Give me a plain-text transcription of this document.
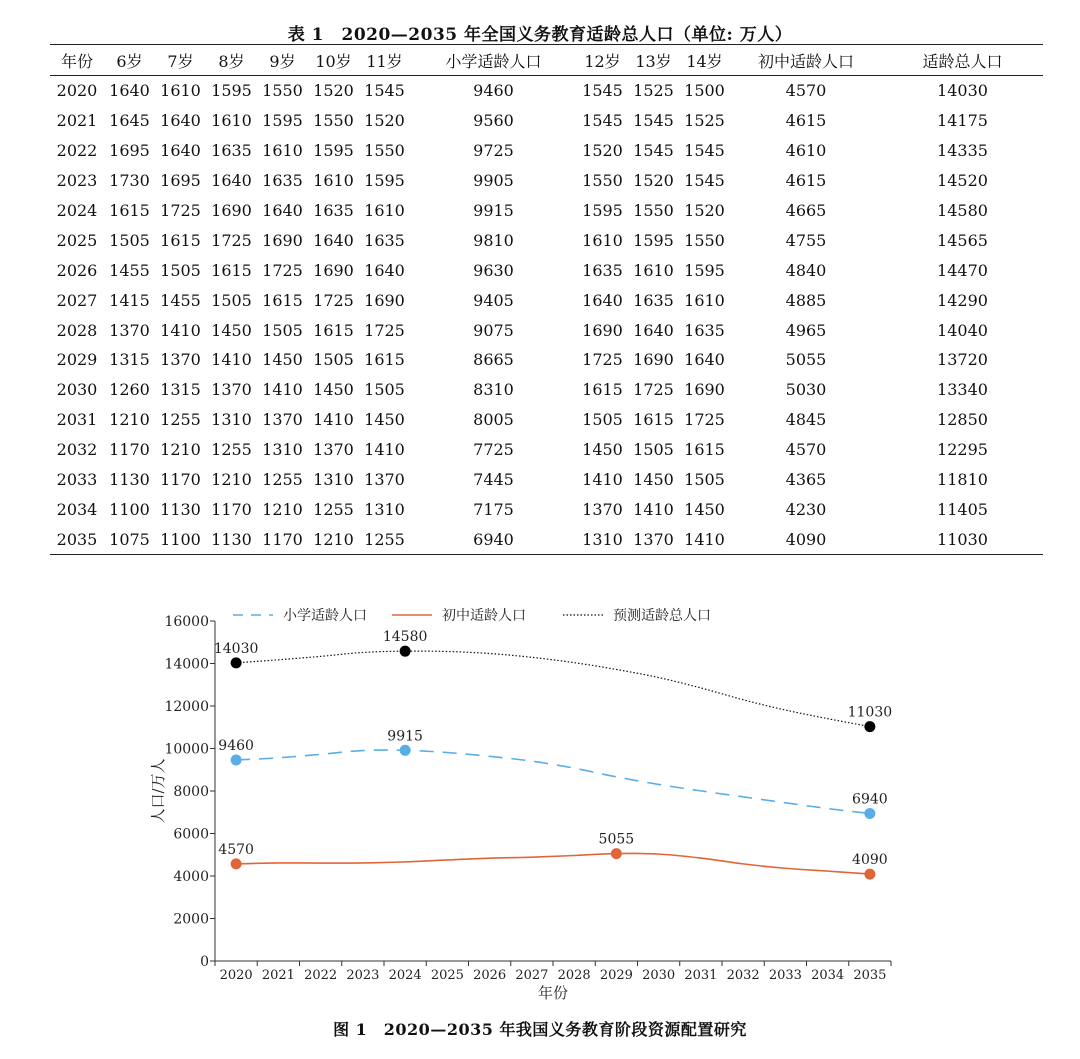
表 1　2020—2035 年全国义务教育适龄总人口（单位: 万人）
年份	6岁	7岁	8岁	9岁	10岁	11岁	小学适龄人口	12岁	13岁	14岁	初中适龄人口	适龄总人口
2020	1640	1610	1595	1550	1520	1545	9460	1545	1525	1500	4570	14030
2021	1645	1640	1610	1595	1550	1520	9560	1545	1545	1525	4615	14175
2022	1695	1640	1635	1610	1595	1550	9725	1520	1545	1545	4610	14335
2023	1730	1695	1640	1635	1610	1595	9905	1550	1520	1545	4615	14520
2024	1615	1725	1690	1640	1635	1610	9915	1595	1550	1520	4665	14580
2025	1505	1615	1725	1690	1640	1635	9810	1610	1595	1550	4755	14565
2026	1455	1505	1615	1725	1690	1640	9630	1635	1610	1595	4840	14470
2027	1415	1455	1505	1615	1725	1690	9405	1640	1635	1610	4885	14290
2028	1370	1410	1450	1505	1615	1725	9075	1690	1640	1635	4965	14040
2029	1315	1370	1410	1450	1505	1615	8665	1725	1690	1640	5055	13720
2030	1260	1315	1370	1410	1450	1505	8310	1615	1725	1690	5030	13340
2031	1210	1255	1310	1370	1410	1450	8005	1505	1615	1725	4845	12850
2032	1170	1210	1255	1310	1370	1410	7725	1450	1505	1615	4570	12295
2033	1130	1170	1210	1255	1310	1370	7445	1410	1450	1505	4365	11810
2034	1100	1130	1170	1210	1255	1310	7175	1370	1410	1450	4230	11405
2035	1075	1100	1130	1170	1210	1255	6940	1310	1370	1410	4090	11030
0
2000
4000
6000
8000
10000
12000
14000
16000
2020 2021 2022 2023 2024 2025 2026 2027 2028 2029 2030 2031 2032 2033 2034 2035
年份
人口/万人
9460
9915
6940
4570
5055
4090
14030
14580
11030
小学适龄人口	初中适龄人口	预测适龄总人口
图 1　2020—2035 年我国义务教育阶段资源配置研究
